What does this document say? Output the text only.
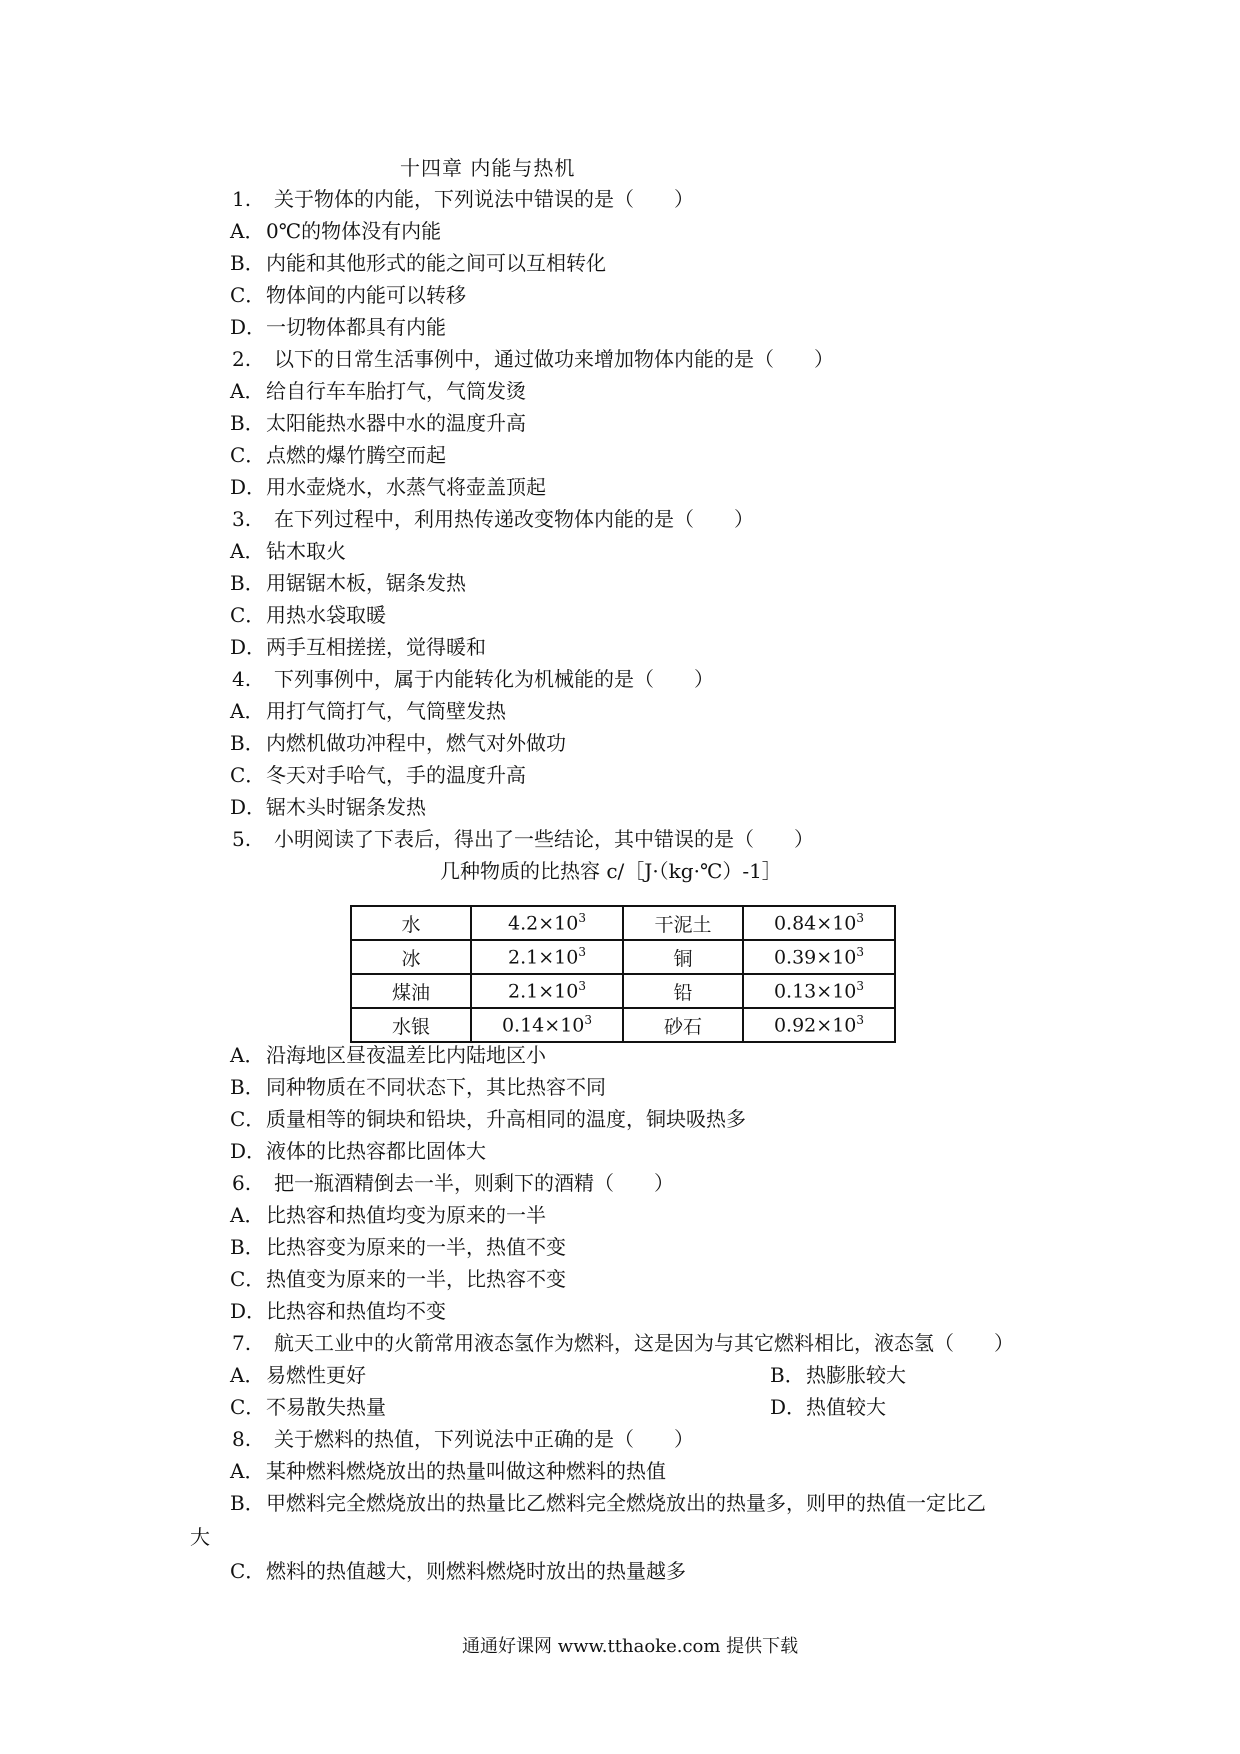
十四章 内能与热机
1. 关于物体的内能，下列说法中错误的是（　　）
A．0℃的物体没有内能
B．内能和其他形式的能之间可以互相转化
C．物体间的内能可以转移
D．一切物体都具有内能
2. 以下的日常生活事例中，通过做功来增加物体内能的是（　　）
A．给自行车车胎打气，气筒发烫
B．太阳能热水器中水的温度升高
C．点燃的爆竹腾空而起
D．用水壶烧水，水蒸气将壶盖顶起
3. 在下列过程中，利用热传递改变物体内能的是（　　）
A．钻木取火
B．用锯锯木板，锯条发热
C．用热水袋取暖
D．两手互相搓搓，觉得暖和
4. 下列事例中，属于内能转化为机械能的是（　　）
A．用打气筒打气，气筒壁发热
B．内燃机做功冲程中，燃气对外做功
C．冬天对手哈气，手的温度升高
D．锯木头时锯条发热
5. 小明阅读了下表后，得出了一些结论，其中错误的是（　　）
几种物质的比热容 c/［J·（kg·℃）-1］
水	$4.2\times 10^3$	干泥土	$0.84\times 10^3$
冰	$2.1\times 10^3$	铜	$0.39\times 10^3$
煤油	$2.1\times 10^3$	铅	$0.13\times 10^3$
水银	$0.14\times 10^3$	砂石	$0.92\times 10^3$
A．沿海地区昼夜温差比内陆地区小
B．同种物质在不同状态下，其比热容不同
C．质量相等的铜块和铅块，升高相同的温度，铜块吸热多
D．液体的比热容都比固体大
6. 把一瓶酒精倒去一半，则剩下的酒精（　　）
A．比热容和热值均变为原来的一半
B．比热容变为原来的一半，热值不变
C．热值变为原来的一半，比热容不变
D．比热容和热值均不变
7. 航天工业中的火箭常用液态氢作为燃料，这是因为与其它燃料相比，液态氢（　　）
A．易燃性更好	B．热膨胀较大
C．不易散失热量	D．热值较大
8. 关于燃料的热值，下列说法中正确的是（　　）
A．某种燃料燃烧放出的热量叫做这种燃料的热值
B．甲燃料完全燃烧放出的热量比乙燃料完全燃烧放出的热量多，则甲的热值一定比乙
大
C．燃料的热值越大，则燃料燃烧时放出的热量越多
通通好课网 www.tthaoke.com 提供下载
